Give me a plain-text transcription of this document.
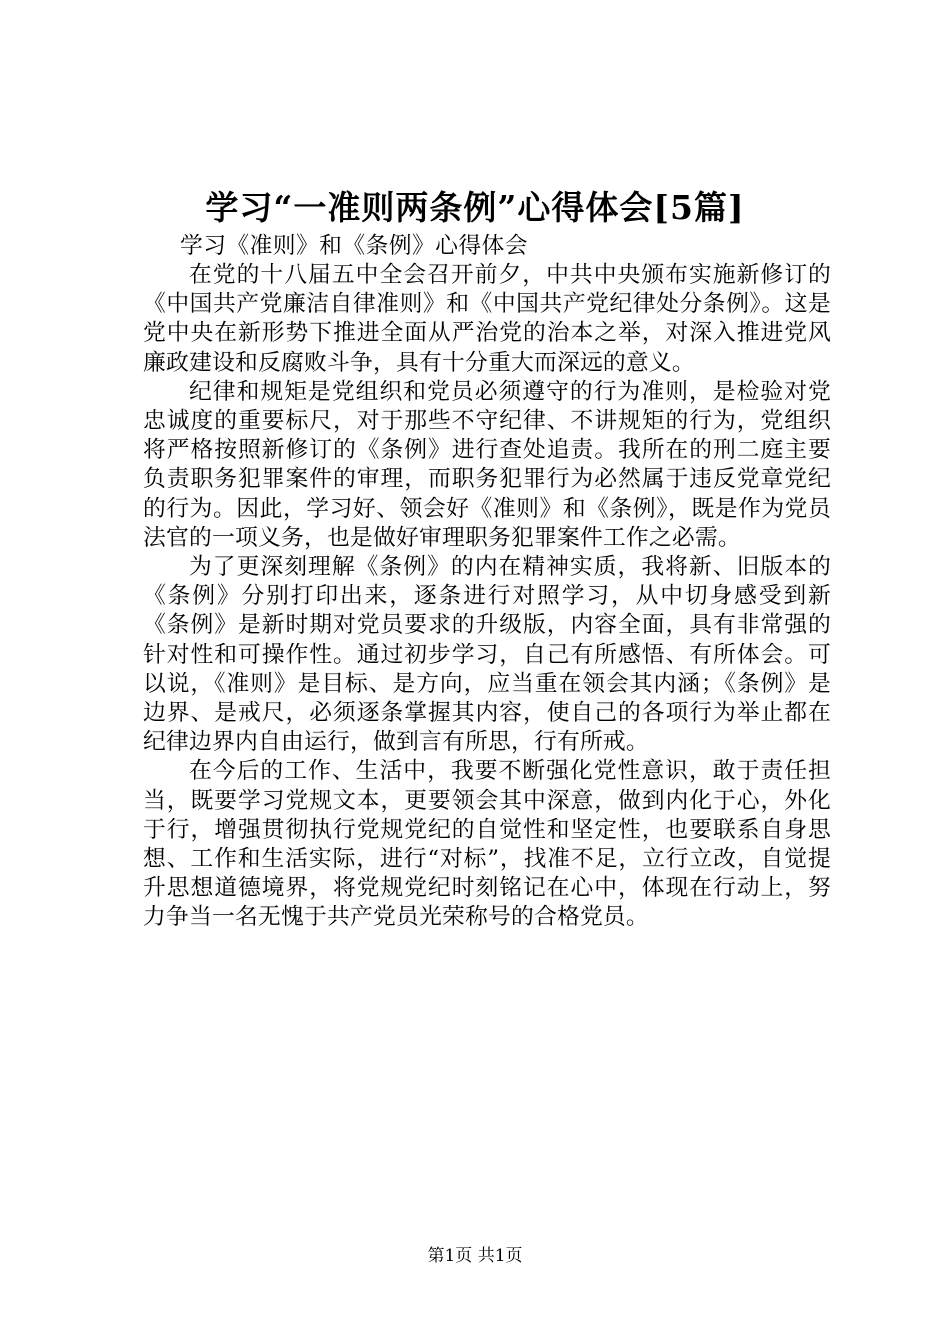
学习“一准则两条例”心得体会[5篇]

学习《准则》和《条例》心得体会

在党的十八届五中全会召开前夕，中共中央颁布实施新修订的《中国共产党廉洁自律准则》和《中国共产党纪律处分条例》。这是党中央在新形势下推进全面从严治党的治本之举，对深入推进党风廉政建设和反腐败斗争，具有十分重大而深远的意义。

纪律和规矩是党组织和党员必须遵守的行为准则，是检验对党忠诚度的重要标尺，对于那些不守纪律、不讲规矩的行为，党组织将严格按照新修订的《条例》进行查处追责。我所在的刑二庭主要负责职务犯罪案件的审理，而职务犯罪行为必然属于违反党章党纪的行为。因此，学习好、领会好《准则》和《条例》，既是作为党员法官的一项义务，也是做好审理职务犯罪案件工作之必需。

为了更深刻理解《条例》的内在精神实质，我将新、旧版本的《条例》分别打印出来，逐条进行对照学习，从中切身感受到新《条例》是新时期对党员要求的升级版，内容全面，具有非常强的针对性和可操作性。通过初步学习，自己有所感悟、有所体会。可以说，《准则》是目标、是方向，应当重在领会其内涵；《条例》是边界、是戒尺，必须逐条掌握其内容，使自己的各项行为举止都在纪律边界内自由运行，做到言有所思，行有所戒。

在今后的工作、生活中，我要不断强化党性意识，敢于责任担当，既要学习党规文本，更要领会其中深意，做到内化于心，外化于行，增强贯彻执行党规党纪的自觉性和坚定性，也要联系自身思想、工作和生活实际，进行“对标”，找准不足，立行立改，自觉提升思想道德境界，将党规党纪时刻铭记在心中，体现在行动上，努力争当一名无愧于共产党员光荣称号的合格党员。

第1页 共1页
